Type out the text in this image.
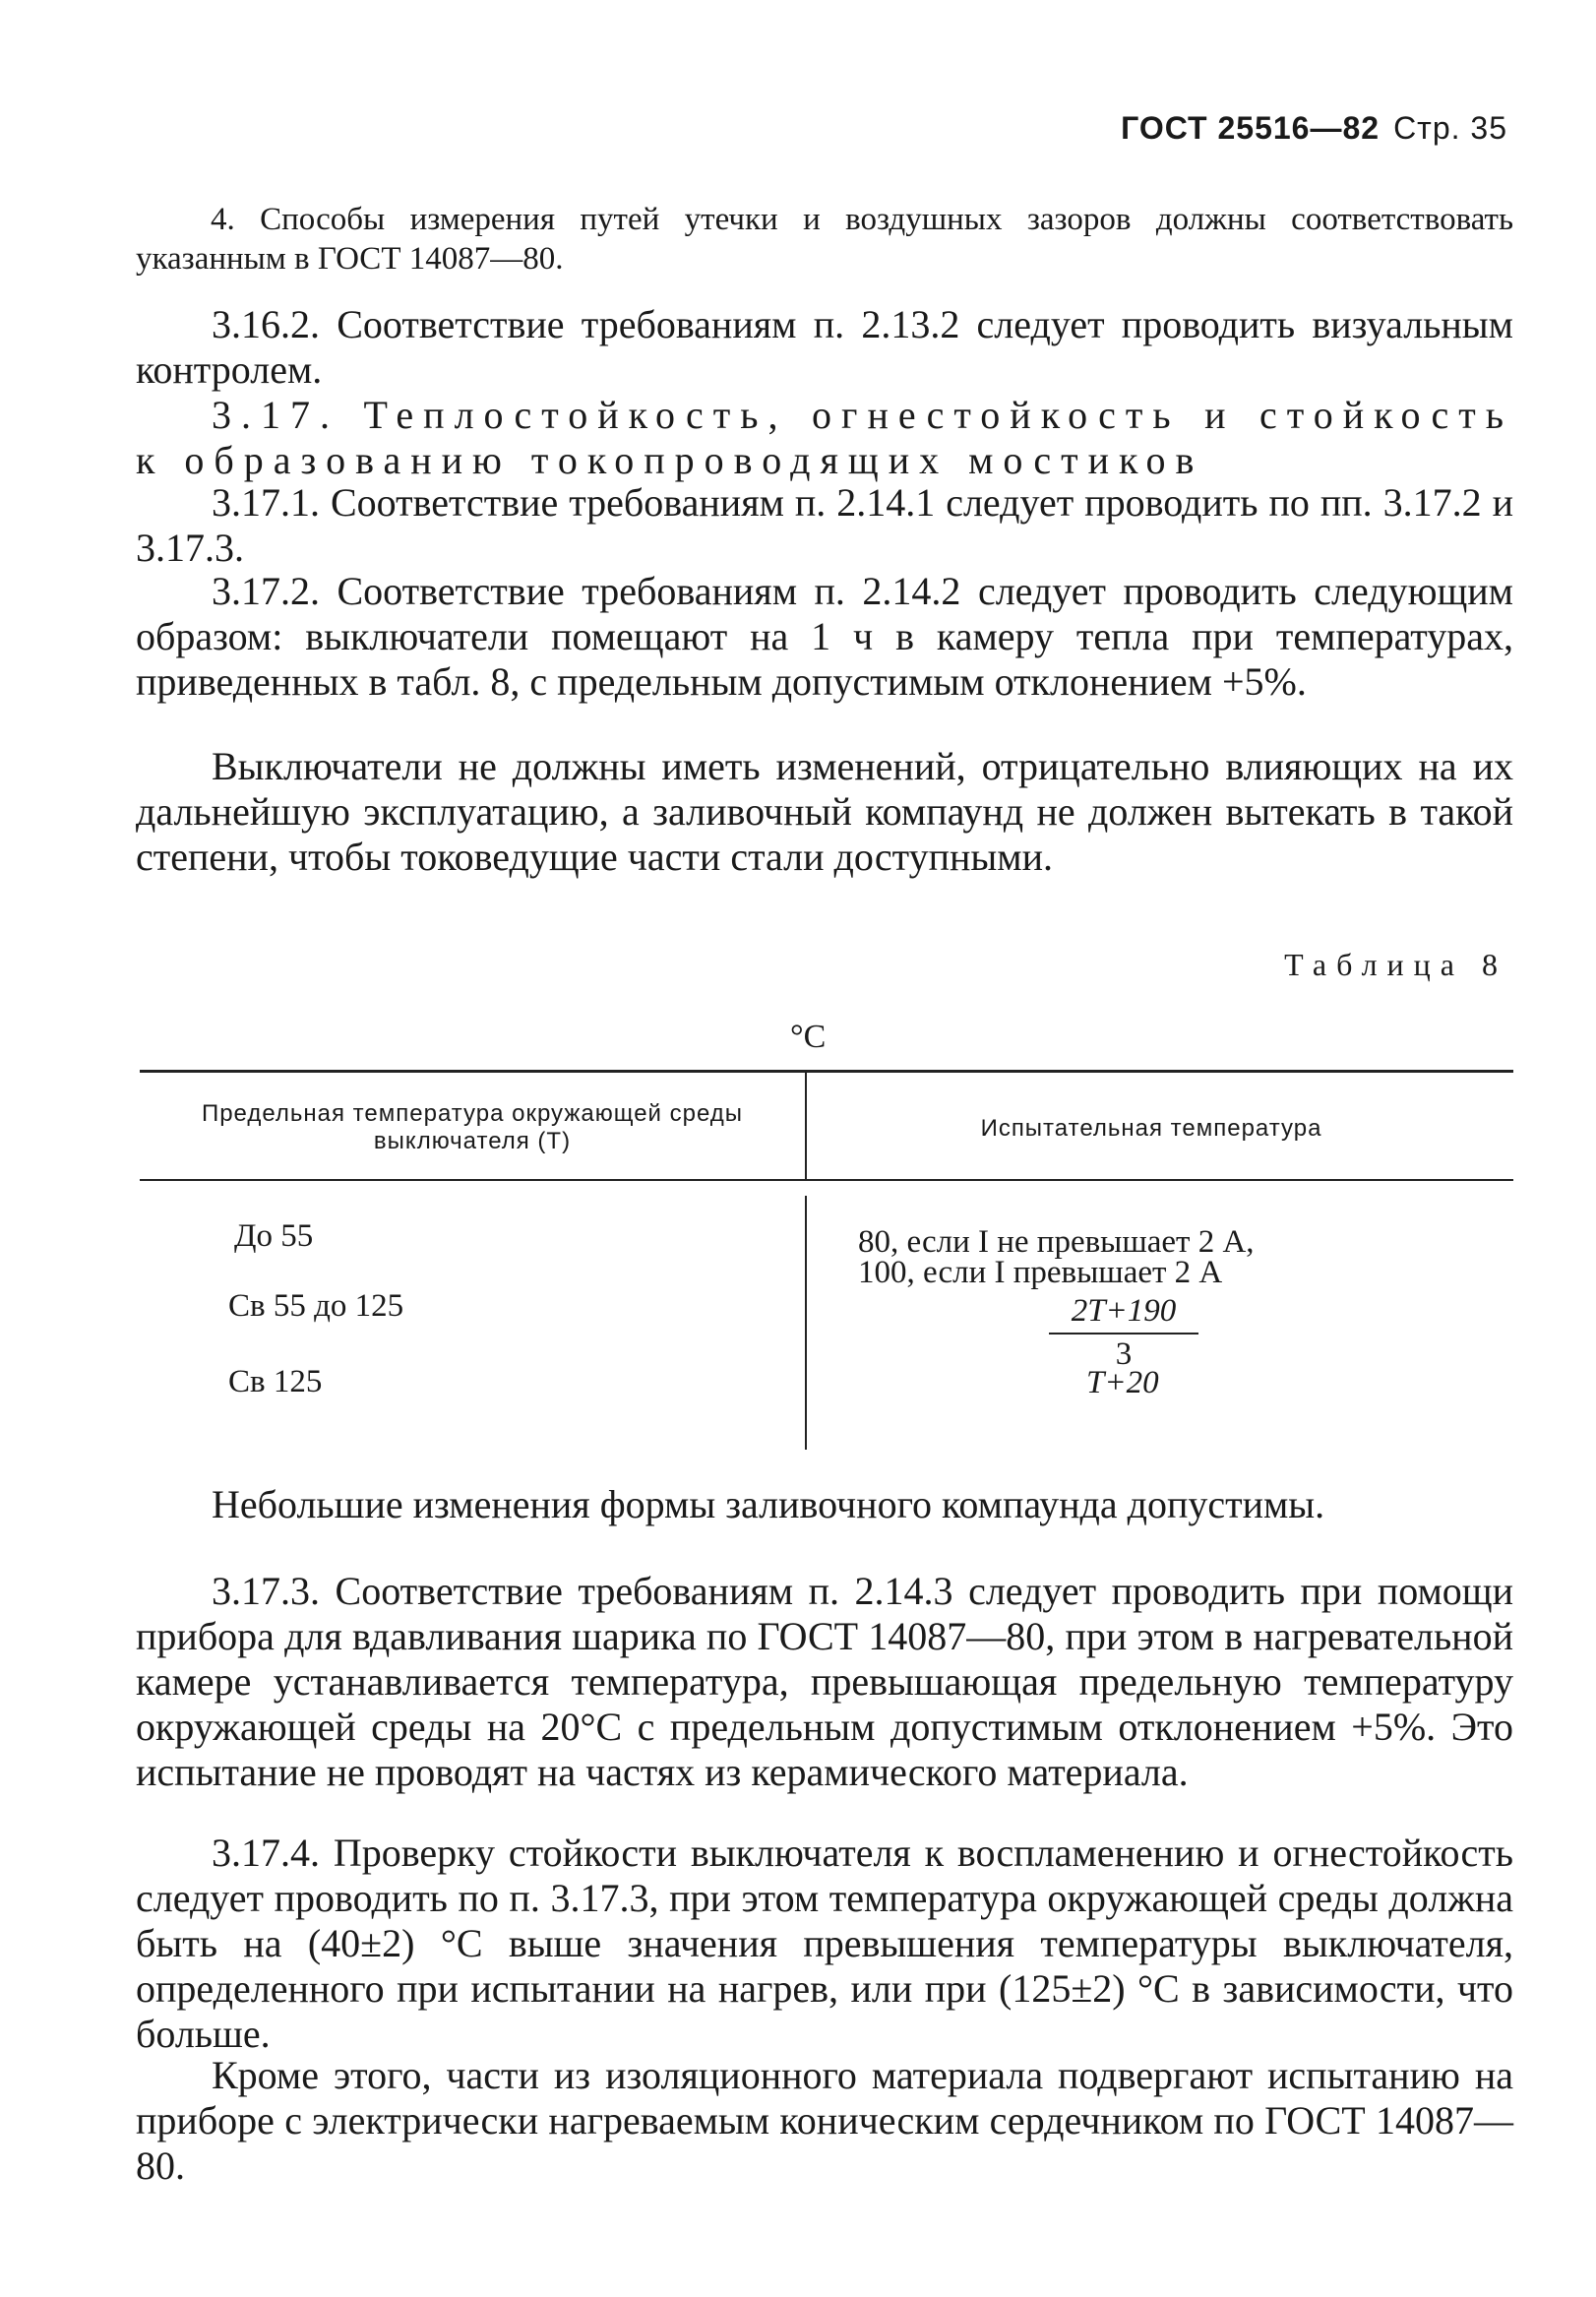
ГОСТ 25516—82 Стр. 35
4. Способы измерения путей утечки и воздушных зазоров должны соответствовать указанным в ГОСТ 14087—80.
3.16.2. Соответствие требованиям п. 2.13.2 следует проводить визуальным контролем.
3.17. Теплостойкость, огнестойкость и стойкость к образованию токопроводящих мостиков
3.17.1. Соответствие требованиям п. 2.14.1 следует проводить по пп. 3.17.2 и 3.17.3.
3.17.2. Соответствие требованиям п. 2.14.2 следует проводить следующим образом: выключатели помещают на 1 ч в камеру тепла при температурах, приведенных в табл. 8, с предельным допустимым отклонением +5%.
Выключатели не должны иметь изменений, отрицательно влияющих на их дальнейшую эксплуатацию, а заливочный компаунд не должен вытекать в такой степени, чтобы токоведущие части стали доступными.
Таблица 8
°C
Предельная температура окружающей среды выключателя (T)	Испытательная температура
До 55	80, если I не превышает 2 А,
100, если I превышает 2 А
Св 55 до 125	2T+190
3
Св 125	T+20
Небольшие изменения формы заливочного компаунда допустимы.
3.17.3. Соответствие требованиям п. 2.14.3 следует проводить при помощи прибора для вдавливания шарика по ГОСТ 14087—80, при этом в нагревательной камере устанавливается температура, превышающая предельную температуру окружающей среды на 20°C с предельным допустимым отклонением +5%. Это испытание не проводят на частях из керамического материала.
3.17.4. Проверку стойкости выключателя к воспламенению и огнестойкость следует проводить по п. 3.17.3, при этом температура окружающей среды должна быть на (40±2) °C выше значения превышения температуры выключателя, определенного при испытании на нагрев, или при (125±2) °C в зависимости, что больше.
Кроме этого, части из изоляционного материала подвергают испытанию на приборе с электрически нагреваемым коническим сердечником по ГОСТ 14087—80.
